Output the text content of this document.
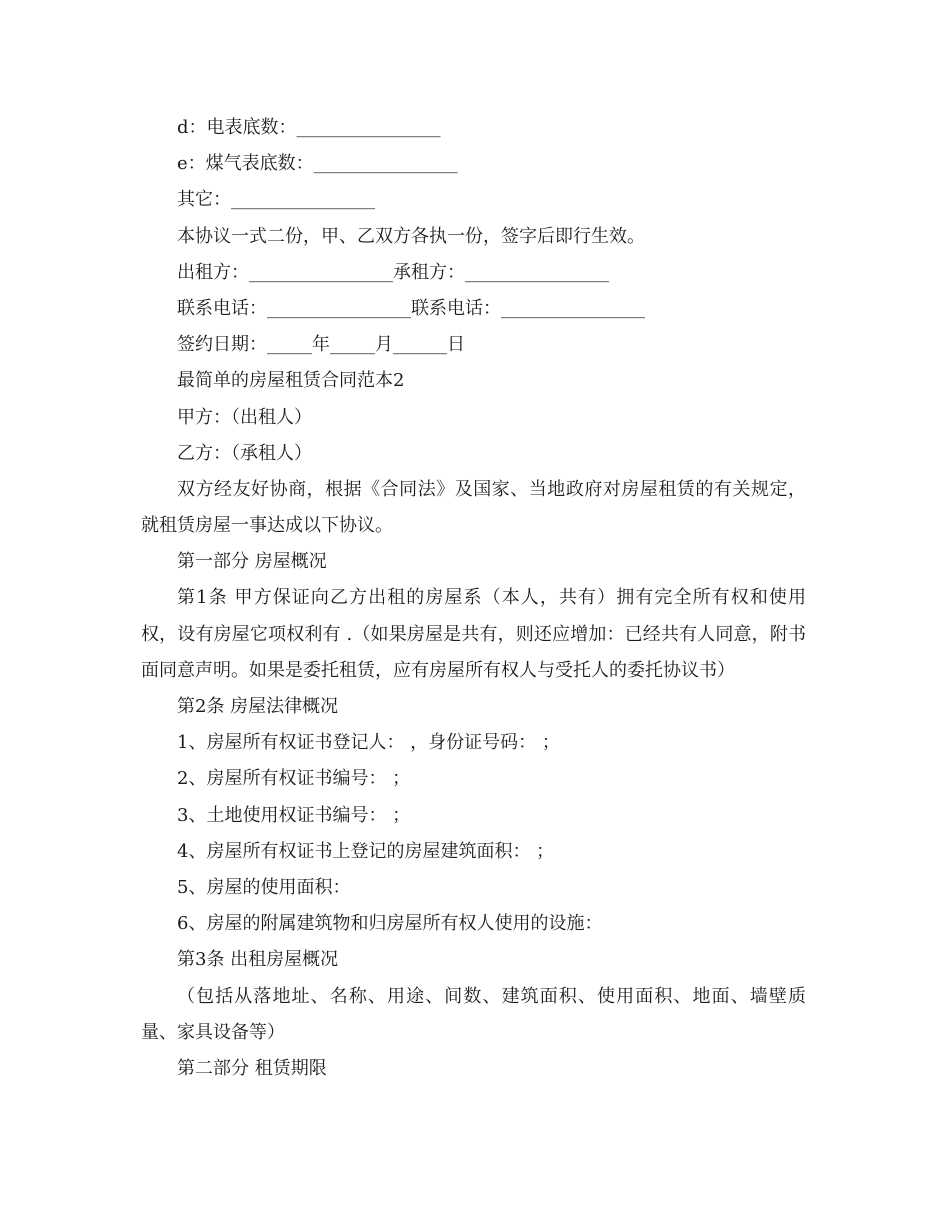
d：电表底数：________________

e：煤气表底数：________________

其它：________________

本协议一式二份，甲、乙双方各执一份，签字后即行生效。

出租方：________________承租方：________________

联系电话：________________联系电话：________________

签约日期：_____年_____月______日

最简单的房屋租赁合同范本2

甲方：（出租人）

乙方：（承租人）

双方经友好协商，根据《合同法》及国家、当地政府对房屋租赁的有关规定，就租赁房屋一事达成以下协议。

第一部分 房屋概况

第1条 甲方保证向乙方出租的房屋系（本人，共有）拥有完全所有权和使用权，设有房屋它项权利有 .（如果房屋是共有，则还应增加：已经共有人同意，附书面同意声明。如果是委托租赁，应有房屋所有权人与受托人的委托协议书）

第2条 房屋法律概况

1、房屋所有权证书登记人： ，身份证号码： ；

2、房屋所有权证书编号： ；

3、土地使用权证书编号： ；

4、房屋所有权证书上登记的房屋建筑面积： ；

5、房屋的使用面积：

6、房屋的附属建筑物和归房屋所有权人使用的设施：

第3条 出租房屋概况

（包括从落地址、名称、用途、间数、建筑面积、使用面积、地面、墙壁质量、家具设备等）

第二部分 租赁期限
